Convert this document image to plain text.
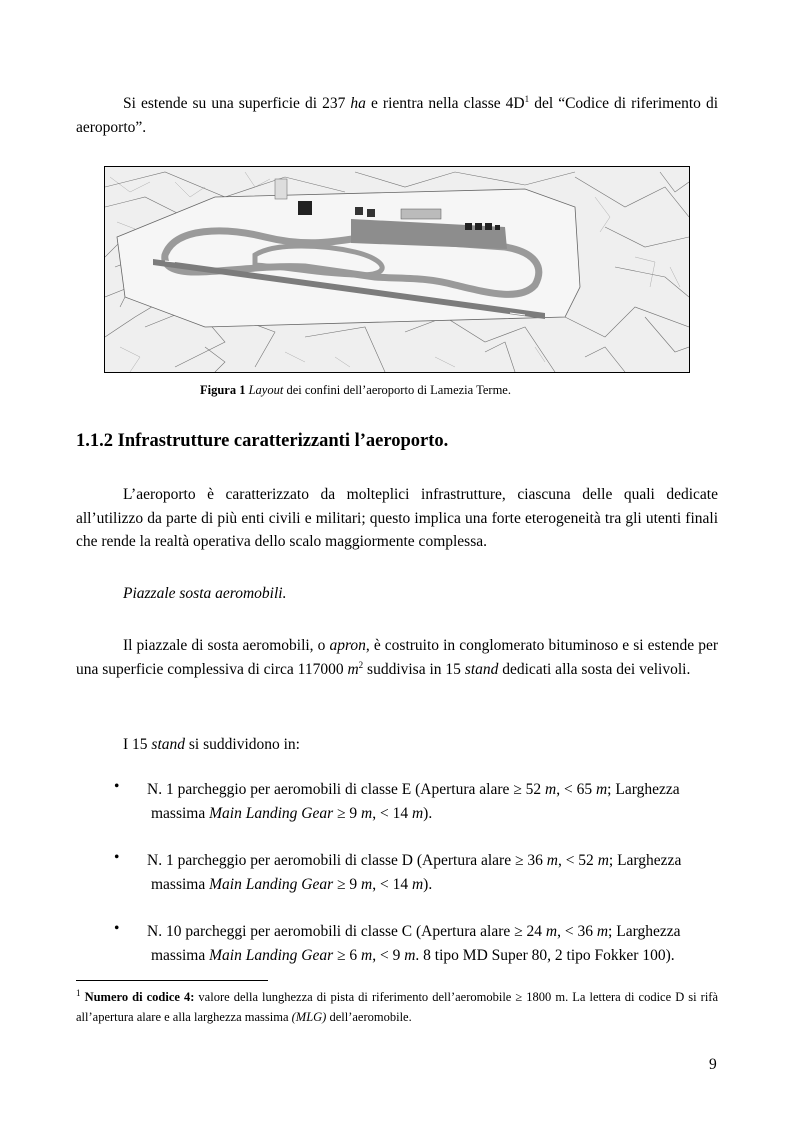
Si estende su una superficie di 237 ha e rientra nella classe $4D^1$ del “Codice di riferimento di aeroporto”.
Figura 1 Layout dei confini dell’aeroporto di Lamezia Terme.
1.1.2 Infrastrutture caratterizzanti l’aeroporto.
L’aeroporto è caratterizzato da molteplici infrastrutture, ciascuna delle quali dedicate all’utilizzo da parte di più enti civili e militari; questo implica una forte eterogeneità tra gli utenti finali che rende la realtà operativa dello scalo maggiormente complessa.
Piazzale sosta aeromobili.
Il piazzale di sosta aeromobili, o apron, è costruito in conglomerato bituminoso e si estende per una superficie complessiva di circa 117000 $m^2$ suddivisa in 15 stand dedicati alla sosta dei velivoli.
I 15 stand si suddividono in:
• N. 1 parcheggio per aeromobili di classe E (Apertura alare ≥ 52 m, < 65 m; Larghezza
massima Main Landing Gear ≥ 9 m, < 14 m).
• N. 1 parcheggio per aeromobili di classe D (Apertura alare ≥ 36 m, < 52 m; Larghezza
massima Main Landing Gear ≥ 9 m, < 14 m).
• N. 10 parcheggi per aeromobili di classe C (Apertura alare ≥ 24 m, < 36 m; Larghezza
massima Main Landing Gear ≥ 6 m, < 9 m. 8 tipo MD Super 80, 2 tipo Fokker 100).
$^1$ Numero di codice 4: valore della lunghezza di pista di riferimento dell’aeromobile ≥ 1800 m. La lettera di codice D si rifà all’apertura alare e alla larghezza massima (MLG) dell’aeromobile.
9
